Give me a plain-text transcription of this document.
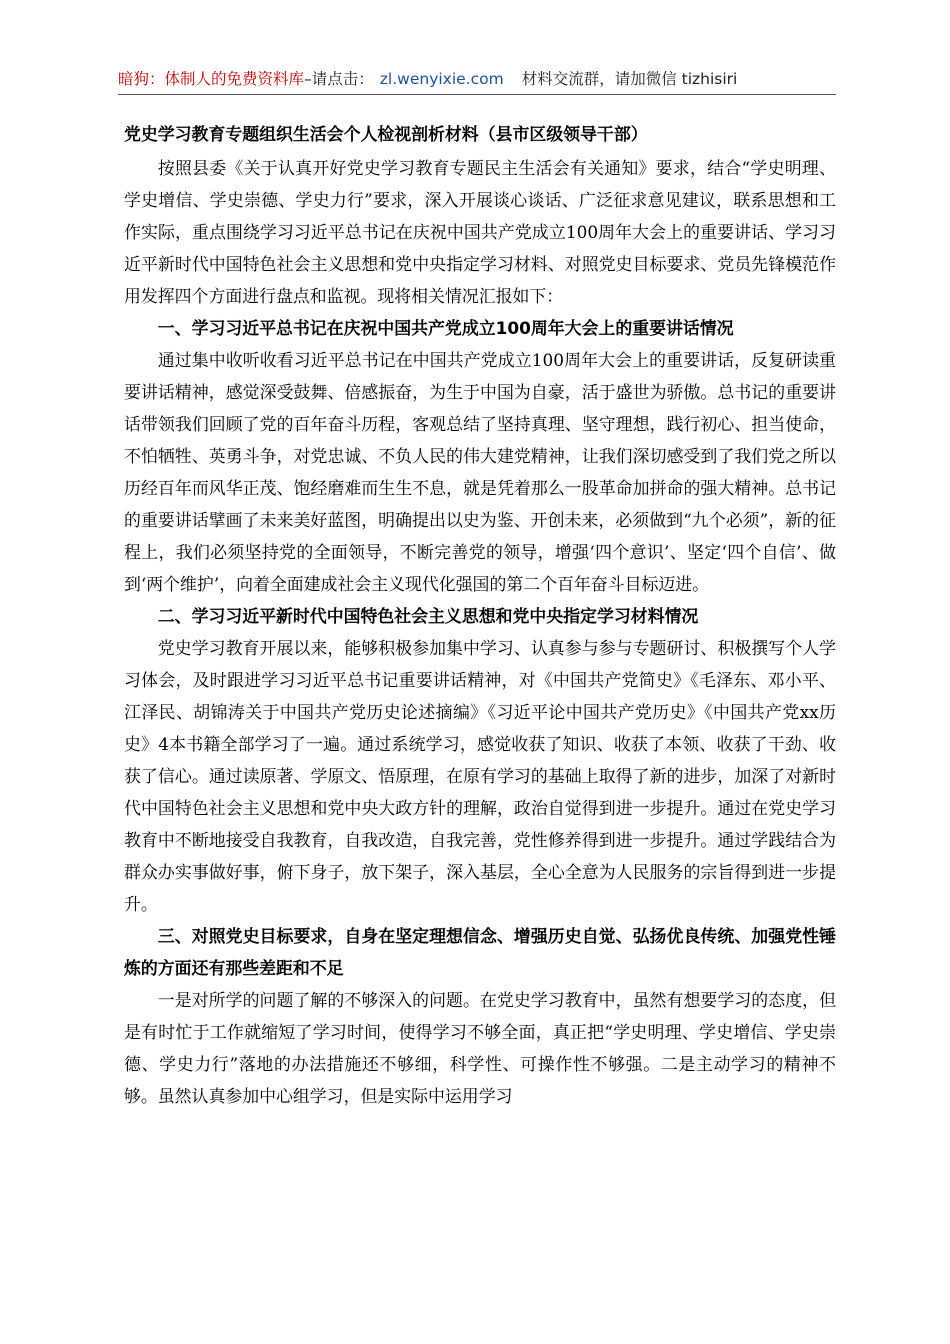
暗狗：体制人的免费资料库–请点击： zl.wenyixie.com 材料交流群，请加微信 tizhisiri
党史学习教育专题组织生活会个人检视剖析材料（县市区级领导干部）

按照县委《关于认真开好党史学习教育专题民主生活会有关通知》要求，结合“学史明理、学史增信、学史崇德、学史力行”要求，深入开展谈心谈话、广泛征求意见建议，联系思想和工作实际，重点围绕学习习近平总书记在庆祝中国共产党成立100周年大会上的重要讲话、学习习近平新时代中国特色社会主义思想和党中央指定学习材料、对照党史目标要求、党员先锋模范作用发挥四个方面进行盘点和监视。现将相关情况汇报如下：

一、学习习近平总书记在庆祝中国共产党成立100周年大会上的重要讲话情况

通过集中收听收看习近平总书记在中国共产党成立100周年大会上的重要讲话，反复研读重要讲话精神，感觉深受鼓舞、倍感振奋，为生于中国为自豪，活于盛世为骄傲。总书记的重要讲话带领我们回顾了党的百年奋斗历程，客观总结了坚持真理、坚守理想，践行初心、担当使命，不怕牺牲、英勇斗争，对党忠诚、不负人民的伟大建党精神，让我们深切感受到了我们党之所以历经百年而风华正茂、饱经磨难而生生不息，就是凭着那么一股革命加拼命的强大精神。总书记的重要讲话擘画了未来美好蓝图，明确提出以史为鉴、开创未来，必须做到“九个必须”，新的征程上，我们必须坚持党的全面领导，不断完善党的领导，增强‘四个意识’、坚定‘四个自信’、做到‘两个维护’，向着全面建成社会主义现代化强国的第二个百年奋斗目标迈进。

二、学习习近平新时代中国特色社会主义思想和党中央指定学习材料情况

党史学习教育开展以来，能够积极参加集中学习、认真参与参与专题研讨、积极撰写个人学习体会，及时跟进学习习近平总书记重要讲话精神，对《中国共产党简史》《毛泽东、邓小平、江泽民、胡锦涛关于中国共产党历史论述摘编》《习近平论中国共产党历史》《中国共产党xx历史》4本书籍全部学习了一遍。通过系统学习，感觉收获了知识、收获了本领、收获了干劲、收获了信心。通过读原著、学原文、悟原理，在原有学习的基础上取得了新的进步，加深了对新时代中国特色社会主义思想和党中央大政方针的理解，政治自觉得到进一步提升。通过在党史学习教育中不断地接受自我教育，自我改造，自我完善，党性修养得到进一步提升。通过学践结合为群众办实事做好事，俯下身子，放下架子，深入基层，全心全意为人民服务的宗旨得到进一步提升。

三、对照党史目标要求，自身在坚定理想信念、增强历史自觉、弘扬优良传统、加强党性锤炼的方面还有那些差距和不足

一是对所学的问题了解的不够深入的问题。在党史学习教育中，虽然有想要学习的态度，但是有时忙于工作就缩短了学习时间，使得学习不够全面，真正把“学史明理、学史增信、学史崇德、学史力行”落地的办法措施还不够细，科学性、可操作性不够强。二是主动学习的精神不够。虽然认真参加中心组学习，但是实际中运用学习
